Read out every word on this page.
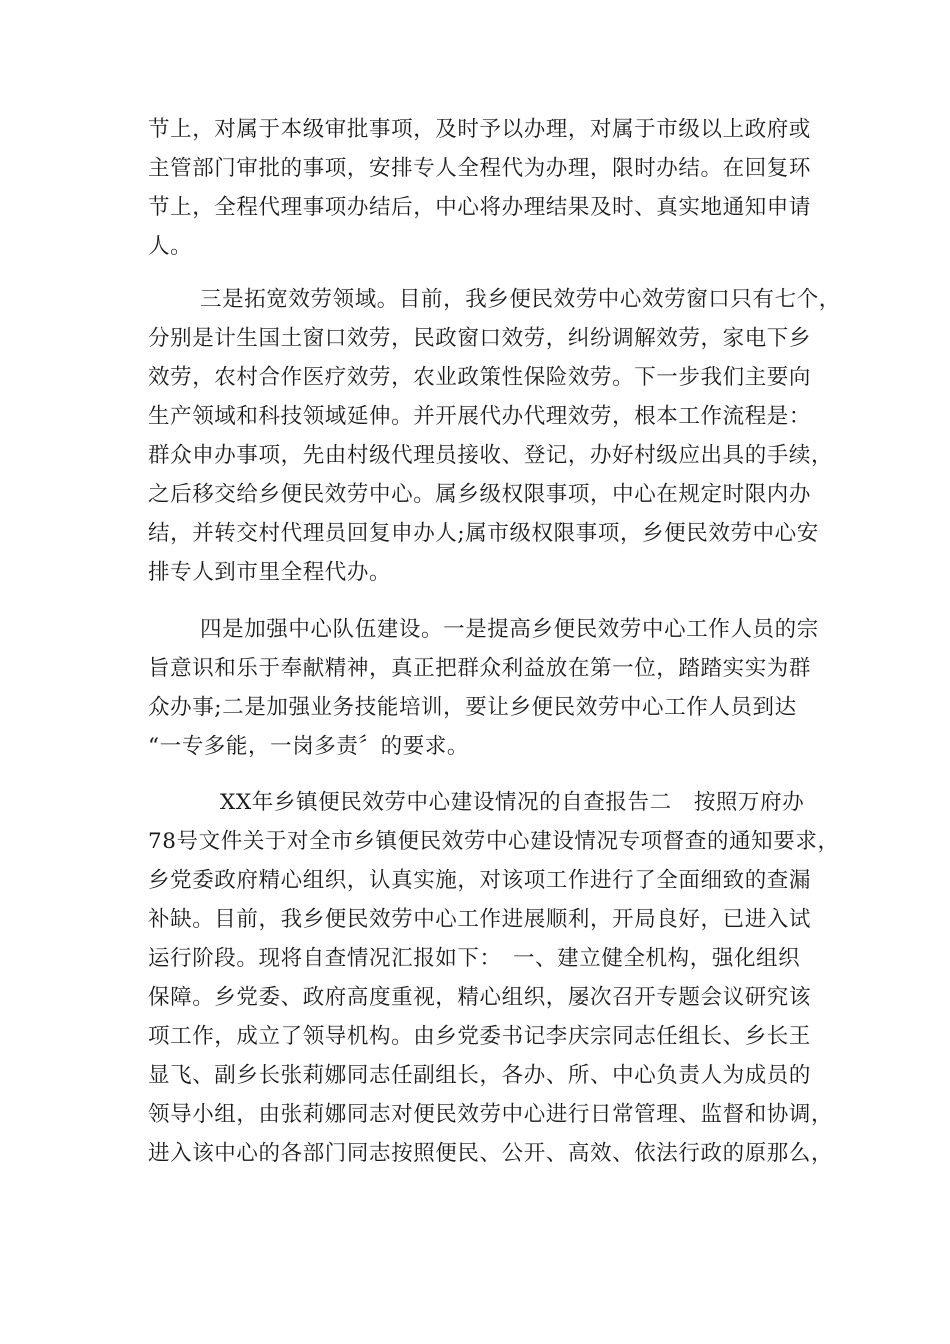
节上，对属于本级审批事项，及时予以办理，对属于市级以上政府或

主管部门审批的事项，安排专人全程代为办理，限时办结。在回复环

节上，全程代理事项办结后，中心将办理结果及时、真实地通知申请

人。

三是拓宽效劳领域。目前，我乡便民效劳中心效劳窗口只有七个，

分别是计生国土窗口效劳，民政窗口效劳，纠纷调解效劳，家电下乡

效劳，农村合作医疗效劳，农业政策性保险效劳。下一步我们主要向

生产领域和科技领域延伸。并开展代办代理效劳，根本工作流程是：

群众申办事项，先由村级代理员接收、登记，办好村级应出具的手续，

之后移交给乡便民效劳中心。属乡级权限事项，中心在规定时限内办

结，并转交村代理员回复申办人;属市级权限事项，乡便民效劳中心安

排专人到市里全程代办。

四是加强中心队伍建设。一是提高乡便民效劳中心工作人员的宗

旨意识和乐于奉献精神，真正把群众利益放在第一位，踏踏实实为群

众办事;二是加强业务技能培训，要让乡便民效劳中心工作人员到达

“一专多能，一岗多责〞的要求。

XX年乡镇便民效劳中心建设情况的自查报告二　按照万府办

78号文件关于对全市乡镇便民效劳中心建设情况专项督查的通知要求，

乡党委政府精心组织，认真实施，对该项工作进行了全面细致的查漏

补缺。目前，我乡便民效劳中心工作进展顺利，开局良好，已进入试

运行阶段。现将自查情况汇报如下：　一、建立健全机构，强化组织

保障。乡党委、政府高度重视，精心组织，屡次召开专题会议研究该

项工作，成立了领导机构。由乡党委书记李庆宗同志任组长、乡长王

显飞、副乡长张莉娜同志任副组长，各办、所、中心负责人为成员的

领导小组，由张莉娜同志对便民效劳中心进行日常管理、监督和协调，

进入该中心的各部门同志按照便民、公开、高效、依法行政的原那么，
